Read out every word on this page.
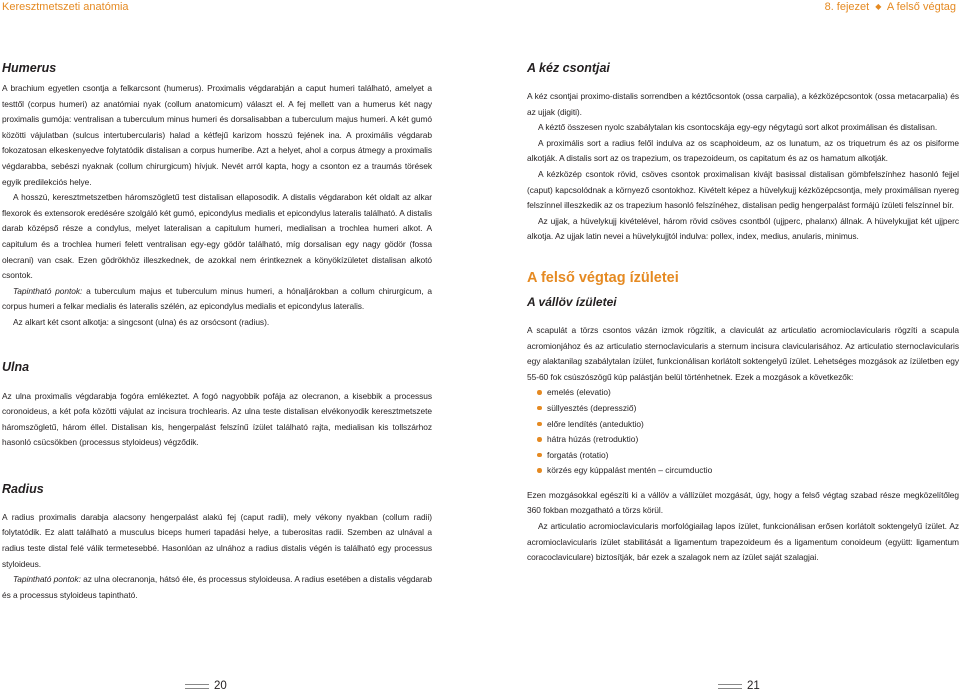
Keresztmetszeti anatómia	8. fejezet ◆ A felső végtag
Humerus

A brachium egyetlen csontja a felkarcsont (humerus). Proximalis végdarabján a caput humeri található, amelyet a testtől (corpus humeri) az anatómiai nyak (collum anatomicum) választ el. A fej mellett van a humerus két nagy proximalis gumója: ventralisan a tuberculum minus humeri és dorsalisabban a tuberculum majus humeri. A két gumó közötti vájulatban (sulcus intertubercularis) halad a kétfejű karizom hosszú fejének ina. A proximális végdarab fokozatosan elkeskenyedve folytatódik distalisan a corpus humeribe. Azt a helyet, ahol a corpus átmegy a proximalis végdarabba, sebészi nyaknak (collum chirurgicum) hívjuk. Nevét arról kapta, hogy a csonton ez a traumás törések egyik predilekciós helye.

A hosszú, keresztmetszetben háromszögletű test distalisan ellaposodik. A distalis végdarabon két oldalt az alkar flexorok és extensorok eredésére szolgáló két gumó, epicondylus medialis et epicondylus lateralis található. A distalis darab középső része a condylus, melyet lateralisan a capitulum humeri, medialisan a trochlea humeri alkot. A capitulum és a trochlea humeri felett ventralisan egy-egy gödör található, míg dorsalisan egy nagy gödör (fossa olecrani) van csak. Ezen gödrökhöz illeszkednek, de azokkal nem érintkeznek a könyökízületet distalisan alkotó csontok.

Tapintható pontok: a tuberculum majus et tuberculum minus humeri, a hónaljárokban a collum chirurgicum, a corpus humeri a felkar medialis és lateralis szélén, az epicondylus medialis et epicondylus lateralis.

Az alkart két csont alkotja: a singcsont (ulna) és az orsócsont (radius).

Ulna

Az ulna proximalis végdarabja fogóra emlékeztet. A fogó nagyobbik pofája az olecranon, a kisebbik a processus coronoideus, a két pofa közötti vájulat az incisura trochlearis. Az ulna teste distalisan elvékonyodik keresztmetszete háromszögletű, három éllel. Distalisan kis, hengerpalást felszínű ízület található rajta, medialisan kis tollszárhoz hasonló csücsökben (processus styloideus) végződik.

Radius

A radius proximalis darabja alacsony hengerpalást alakú fej (caput radii), mely vékony nyakban (collum radii) folytatódik. Ez alatt található a musculus biceps humeri tapadási helye, a tuberositas radii. Szemben az ulnával a radius teste distal felé válik termetesebbé. Hasonlóan az ulnához a radius distalis végén is található egy processus styloideus.

Tapintható pontok: az ulna olecranonja, hátsó éle, és processus styloideusa. A radius esetében a distalis végdarab és a processus styloideus tapintható.

A kéz csontjai

A kéz csontjai proximo-distalis sorrendben a kéztőcsontok (ossa carpalia), a kézközépcsontok (ossa metacarpalia) és az ujjak (digiti).

A kéztő összesen nyolc szabálytalan kis csontocskája egy-egy négytagú sort alkot proximálisan és distalisan.

A proximális sort a radius felől indulva az os scaphoideum, az os lunatum, az os triquetrum és az os pisiforme alkotják. A distalis sort az os trapezium, os trapezoideum, os capitatum és az os hamatum alkotják.

A kézközép csontok rövid, csöves csontok proximalisan kivájt basissal distalisan gömbfelszínhez hasonló fejjel (caput) kapcsolódnak a környező csontokhoz. Kivételt képez a hüvelykujj kézközépcsontja, mely proximálisan nyereg felszínnel illeszkedik az os trapezium hasonló felszínéhez, distalisan pedig hengerpalást formájú ízületi felszínnel bír.

Az ujjak, a hüvelykujj kivételével, három rövid csöves csontból (ujjperc, phalanx) állnak. A hüvelykujjat két ujjperc alkotja. Az ujjak latin nevei a hüvelykujjtól indulva: pollex, index, medius, anularis, minimus.

A felső végtag ízületei
A vállöv ízületei

A scapulát a törzs csontos vázán izmok rögzítik, a claviculát az articulatio acromioclavicularis rögzíti a scapula acromionjához és az articulatio sternoclavicularis a sternum incisura clavicularisához. Az articulatio sternoclavicularis egy alaktanilag szabálytalan ízület, funkcionálisan korlátolt soktengelyű ízület. Lehetséges mozgások az ízületben egy 55-60 fok csúszószögű kúp palástján belül történhetnek. Ezek a mozgások a következők:

emelés (elevatio)
süllyesztés (depressziő)
előre lendítés (anteduktio)
hátra húzás (retroduktio)
forgatás (rotatio)
körzés egy kúppalást mentén – circumductio

Ezen mozgásokkal egészíti ki a vállöv a vállízület mozgását, úgy, hogy a felső végtag szabad része megközelítőleg 360 fokban mozgatható a törzs körül.

Az articulatio acromioclavicularis morfológiailag lapos ízület, funkcionálisan erősen korlátolt soktengelyű ízület. Az acromioclavicularis ízület stabilitását a ligamentum trapezoideum és a ligamentum conoideum (együtt: ligamentum coracoclaviculare) biztosítják, bár ezek a szalagok nem az ízület saját szalagjai.

20	21
